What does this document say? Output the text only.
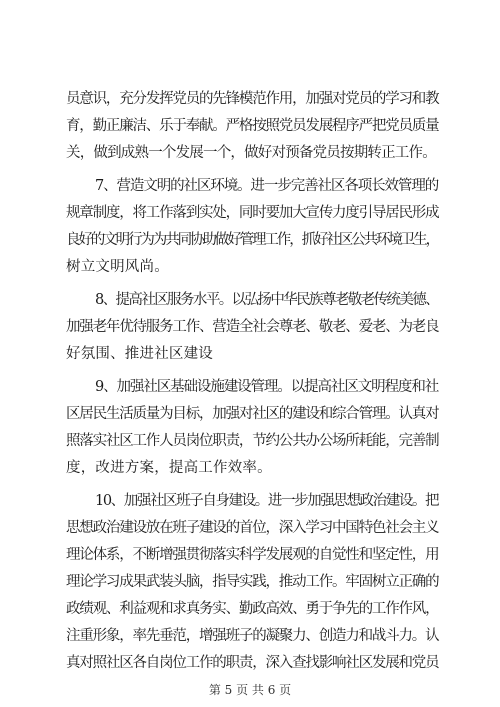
员意识，充分发挥党员的先锋模范作用，加强对党员的学习和教
育，勤正廉洁、乐于奉献。严格按照党员发展程序严把党员质量
关，做到成熟一个发展一个，做好对预备党员按期转正工作。

7、营造文明的社区环境。进一步完善社区各项长效管理的
规章制度，将工作落到实处，同时要加大宣传力度引导居民形成
良好的文明行为为共同协助做好管理工作，抓好社区公共环境卫生，
树立文明风尚。

8、提高社区服务水平。以弘扬中华民族尊老敬老传统美德、
加强老年优待服务工作、营造全社会尊老、敬老、爱老、为老良
好氛围、推进社区建设

9、加强社区基础设施建设管理。以提高社区文明程度和社
区居民生活质量为目标，加强对社区的建设和综合管理。认真对
照落实社区工作人员岗位职责，节约公共办公场所耗能，完善制
度，改进方案，提高工作效率。

10、加强社区班子自身建设。进一步加强思想政治建设。把
思想政治建设放在班子建设的首位，深入学习中国特色社会主义
理论体系，不断增强贯彻落实科学发展观的自觉性和坚定性，用
理论学习成果武装头脑，指导实践，推动工作。牢固树立正确的
政绩观、利益观和求真务实、勤政高效、勇于争先的工作作风，
注重形象，率先垂范，增强班子的凝聚力、创造力和战斗力。认
真对照社区各自岗位工作的职责，深入查找影响社区发展和党员

第 5 页 共 6 页
